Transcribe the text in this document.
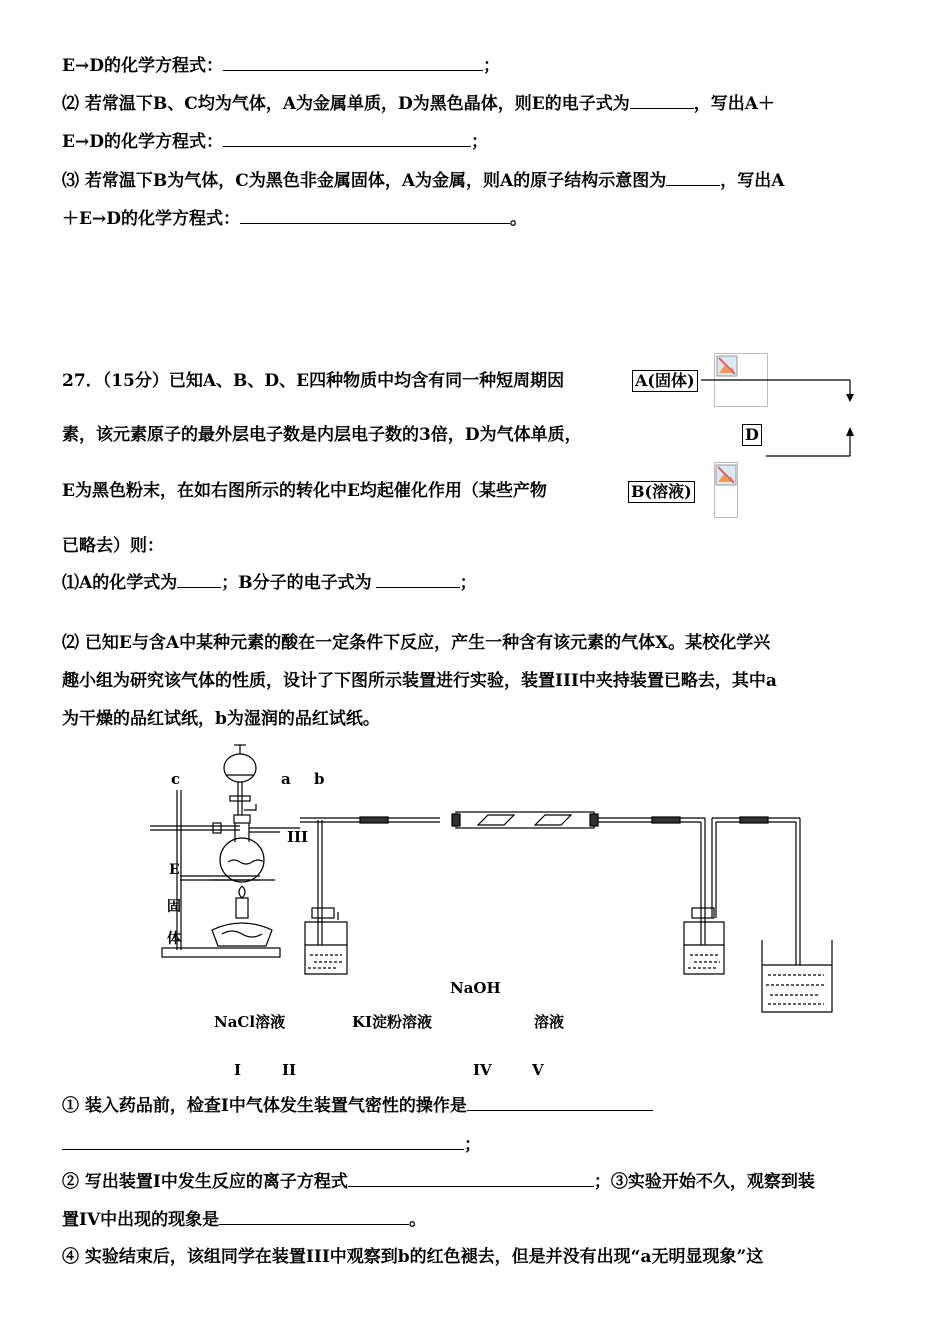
E→D的化学方程式：	；
⑵ 若常温下B、C均为气体，A为金属单质，D为黑色晶体，则E的电子式为	，写出A＋
E→D的化学方程式：	；
⑶ 若常温下B为气体，C为黑色非金属固体，A为金属，则A的原子结构示意图为	，写出A
＋E→D的化学方程式：	。
27．（15分）已知A、B、D、E四种物质中均含有同一种短周期因
素，该元素原子的最外层电子数是内层电子数的3倍，D为气体单质，
E为黑色粉末，在如右图所示的转化中E均起催化作用（某些产物
已略去）则：
A(固体)
D
B(溶液)
⑴A的化学式为	；B分子的电子式为	；
⑵ 已知E与含A中某种元素的酸在一定条件下反应，产生一种含有该元素的气体X。某校化学兴
趣小组为研究该气体的性质，设计了下图所示装置进行实验，装置III中夹持装置已略去，其中a
为干燥的品红试纸，b为湿润的品红试纸。
c	a b
III
E
固
体
NaOH
NaCl溶液	KI淀粉溶液	溶液
I	II	IV	V
① 装入药品前，检查I中气体发生装置气密性的操作是
；
② 写出装置I中发生反应的离子方程式	；③实验开始不久，观察到装
置IV中出现的现象是	。
④ 实验结束后，该组同学在装置III中观察到b的红色褪去，但是并没有出现“a无明显现象”这
